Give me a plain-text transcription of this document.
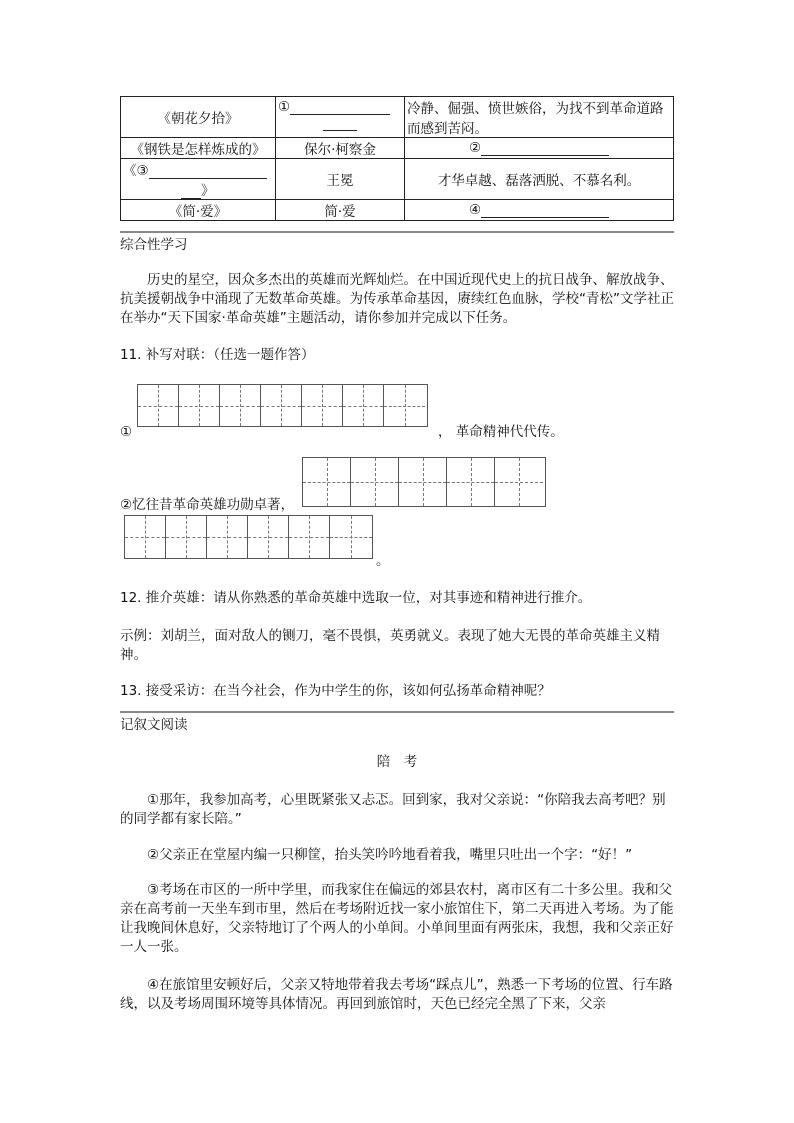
《朝花夕拾》	①	冷静、倔强、愤世嫉俗，为找不到革命道路而感到苦闷。
《钢铁是怎样炼成的》	保尔·柯察金	②
《③
》	王冕	才华卓越、磊落洒脱、不慕名利。
《简·爱》	简·爱	④
综合性学习

历史的星空，因众多杰出的英雄而光辉灿烂。在中国近现代史上的抗日战争、解放战争、抗美援朝战争中涌现了无数革命英雄。为传承革命基因，赓续红色血脉，学校“青松”文学社正在举办“天下国家·革命英雄”主题活动，请你参加并完成以下任务。

11. 补写对联：（任选一题作答）
①	， 革命精神代代传。
②忆往昔革命英雄功勋卓著，
。
12. 推介英雄：请从你熟悉的革命英雄中选取一位，对其事迹和精神进行推介。

示例：刘胡兰，面对敌人的铡刀，毫不畏惧，英勇就义。表现了她大无畏的革命英雄主义精神。

13. 接受采访：在当今社会，作为中学生的你，该如何弘扬革命精神呢？
记叙文阅读
陪　考

①那年，我参加高考，心里既紧张又忐忑。回到家，我对父亲说：“你陪我去高考吧？别的同学都有家长陪。”

②父亲正在堂屋内编一只柳筐，抬头笑吟吟地看着我，嘴里只吐出一个字：“好！”

③考场在市区的一所中学里，而我家住在偏远的郊县农村，离市区有二十多公里。我和父亲在高考前一天坐车到市里，然后在考场附近找一家小旅馆住下，第二天再进入考场。为了能让我晚间休息好，父亲特地订了个两人的小单间。小单间里面有两张床，我想，我和父亲正好一人一张。

④在旅馆里安顿好后，父亲又特地带着我去考场“踩点儿”，熟悉一下考场的位置、行车路线，以及考场周围环境等具体情况。再回到旅馆时，天色已经完全黑了下来，父亲
